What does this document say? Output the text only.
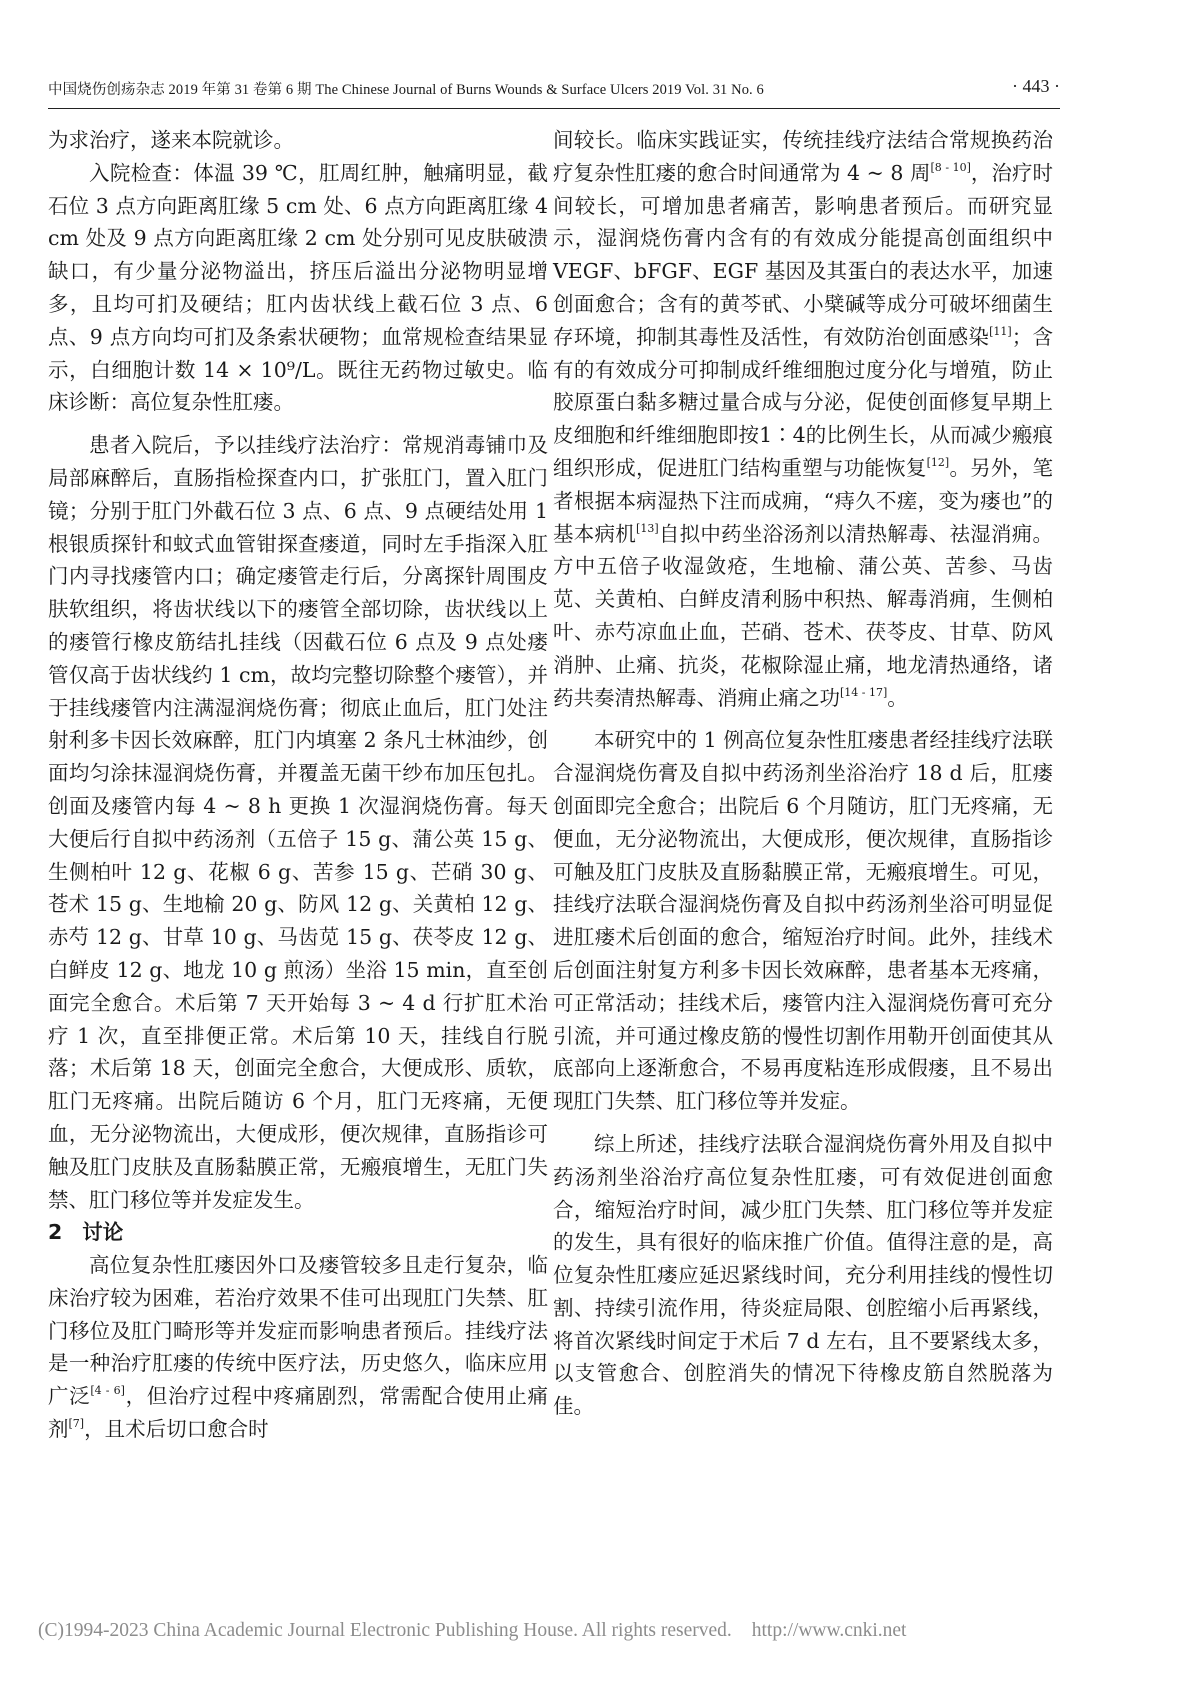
中国烧伤创疡杂志 2019 年第 31 卷第 6 期 The Chinese Journal of Burns Wounds & Surface Ulcers 2019 Vol. 31 No. 6	· 443 ·

为求治疗，遂来本院就诊。

入院检查：体温 39 ℃，肛周红肿，触痛明显，截石位 3 点方向距离肛缘 5 cm 处、6 点方向距离肛缘 4 cm 处及 9 点方向距离肛缘 2 cm 处分别可见皮肤破溃缺口，有少量分泌物溢出，挤压后溢出分泌物明显增多，且均可扪及硬结；肛内齿状线上截石位 3 点、6 点、9 点方向均可扪及条索状硬物；血常规检查结果显示，白细胞计数 14 × 10⁹/L。既往无药物过敏史。临床诊断：高位复杂性肛瘘。

患者入院后，予以挂线疗法治疗：常规消毒铺巾及局部麻醉后，直肠指检探查内口，扩张肛门，置入肛门镜；分别于肛门外截石位 3 点、6 点、9 点硬结处用 1 根银质探针和蚊式血管钳探查瘘道，同时左手指深入肛门内寻找瘘管内口；确定瘘管走行后，分离探针周围皮肤软组织，将齿状线以下的瘘管全部切除，齿状线以上的瘘管行橡皮筋结扎挂线（因截石位 6 点及 9 点处瘘管仅高于齿状线约 1 cm，故均完整切除整个瘘管），并于挂线瘘管内注满湿润烧伤膏；彻底止血后，肛门处注射利多卡因长效麻醉，肛门内填塞 2 条凡士林油纱，创面均匀涂抹湿润烧伤膏，并覆盖无菌干纱布加压包扎。创面及瘘管内每 4 ~ 8 h 更换 1 次湿润烧伤膏。每天大便后行自拟中药汤剂（五倍子 15 g、蒲公英 15 g、生侧柏叶 12 g、花椒 6 g、苦参 15 g、芒硝 30 g、苍术 15 g、生地榆 20 g、防风 12 g、关黄柏 12 g、赤芍 12 g、甘草 10 g、马齿苋 15 g、茯苓皮 12 g、白鲜皮 12 g、地龙 10 g 煎汤）坐浴 15 min，直至创面完全愈合。术后第 7 天开始每 3 ~ 4 d 行扩肛术治疗 1 次，直至排便正常。术后第 10 天，挂线自行脱落；术后第 18 天，创面完全愈合，大便成形、质软，肛门无疼痛。出院后随访 6 个月，肛门无疼痛，无便血，无分泌物流出，大便成形，便次规律，直肠指诊可触及肛门皮肤及直肠黏膜正常，无瘢痕增生，无肛门失禁、肛门移位等并发症发生。

2 讨论

高位复杂性肛瘘因外口及瘘管较多且走行复杂，临床治疗较为困难，若治疗效果不佳可出现肛门失禁、肛门移位及肛门畸形等并发症而影响患者预后。挂线疗法是一种治疗肛瘘的传统中医疗法，历史悠久，临床应用广泛[4 - 6]，但治疗过程中疼痛剧烈，常需配合使用止痛剂[7]，且术后切口愈合时

间较长。临床实践证实，传统挂线疗法结合常规换药治疗复杂性肛瘘的愈合时间通常为 4 ~ 8 周[8 - 10]，治疗时间较长，可增加患者痛苦，影响患者预后。而研究显示，湿润烧伤膏内含有的有效成分能提高创面组织中 VEGF、bFGF、EGF 基因及其蛋白的表达水平，加速创面愈合；含有的黄芩甙、小檗碱等成分可破坏细菌生存环境，抑制其毒性及活性，有效防治创面感染[11]；含有的有效成分可抑制成纤维细胞过度分化与增殖，防止胶原蛋白黏多糖过量合成与分泌，促使创面修复早期上皮细胞和纤维细胞即按1∶4的比例生长，从而减少瘢痕组织形成，促进肛门结构重塑与功能恢复[12]。另外，笔者根据本病湿热下注而成痈，“痔久不瘥，变为瘘也”的基本病机[13]自拟中药坐浴汤剂以清热解毒、祛湿消痈。方中五倍子收湿敛疮，生地榆、蒲公英、苦参、马齿苋、关黄柏、白鲜皮清利肠中积热、解毒消痈，生侧柏叶、赤芍凉血止血，芒硝、苍术、茯苓皮、甘草、防风消肿、止痛、抗炎，花椒除湿止痛，地龙清热通络，诸药共奏清热解毒、消痈止痛之功[14 - 17]。

本研究中的 1 例高位复杂性肛瘘患者经挂线疗法联合湿润烧伤膏及自拟中药汤剂坐浴治疗 18 d 后，肛瘘创面即完全愈合；出院后 6 个月随访，肛门无疼痛，无便血，无分泌物流出，大便成形，便次规律，直肠指诊可触及肛门皮肤及直肠黏膜正常，无瘢痕增生。可见，挂线疗法联合湿润烧伤膏及自拟中药汤剂坐浴可明显促进肛瘘术后创面的愈合，缩短治疗时间。此外，挂线术后创面注射复方利多卡因长效麻醉，患者基本无疼痛，可正常活动；挂线术后，瘘管内注入湿润烧伤膏可充分引流，并可通过橡皮筋的慢性切割作用勒开创面使其从底部向上逐渐愈合，不易再度粘连形成假瘘，且不易出现肛门失禁、肛门移位等并发症。

综上所述，挂线疗法联合湿润烧伤膏外用及自拟中药汤剂坐浴治疗高位复杂性肛瘘，可有效促进创面愈合，缩短治疗时间，减少肛门失禁、肛门移位等并发症的发生，具有很好的临床推广价值。值得注意的是，高位复杂性肛瘘应延迟紧线时间，充分利用挂线的慢性切割、持续引流作用，待炎症局限、创腔缩小后再紧线，将首次紧线时间定于术后 7 d 左右，且不要紧线太多，以支管愈合、创腔消失的情况下待橡皮筋自然脱落为佳。

(C)1994-2023 China Academic Journal Electronic Publishing House. All rights reserved. http://www.cnki.net
